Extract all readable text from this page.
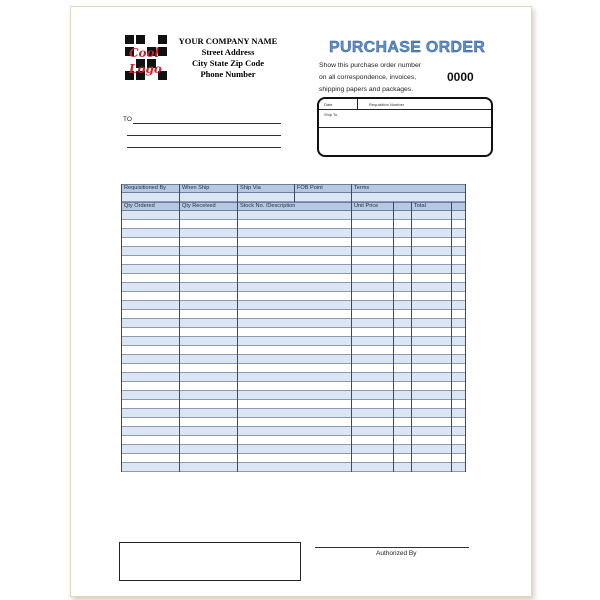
Cool Logo
YOUR COMPANY NAME
Street Address
City State Zip Code
Phone Number
PURCHASE ORDER
Show this purchase order number
on all correspondence, invoices,
shipping papers and packages.
0000
Date	Requisition Number
Ship To
TO
Requisitioned By	When Ship	Ship Via	FOB Point	Terms
Qty Ordered	Qty Received	Stock No. /Description	Unit Price	Total
Authorized By
